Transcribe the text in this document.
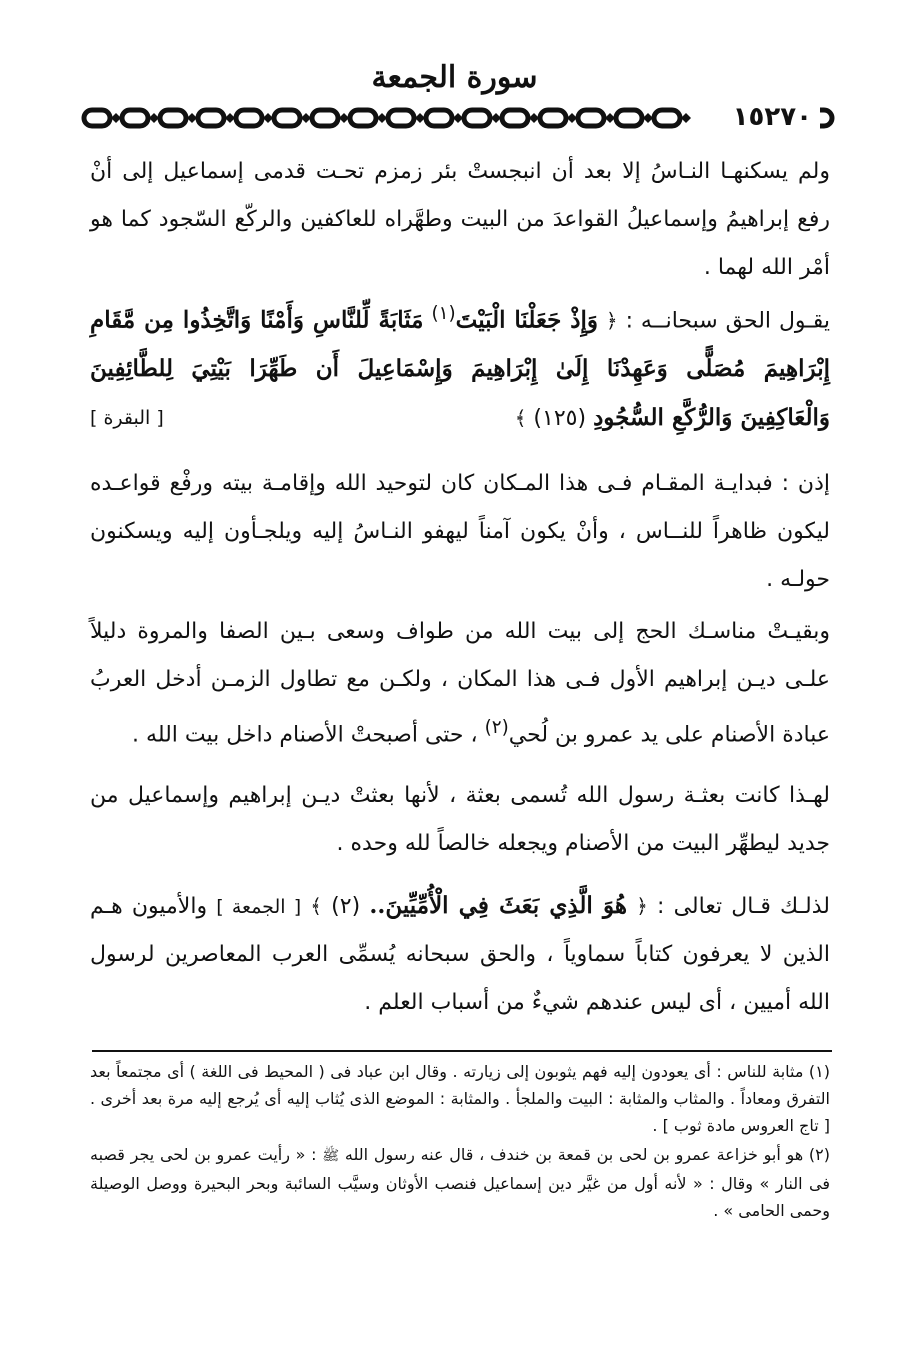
سورة الجمعة
١٥٢٧٠
ولم يسكنهـا النـاسُ إلا بعد أن انبجستْ بئر زمزم تحـت قدمى إسماعيل إلى أنْ رفع إبراهيمُ وإسماعيلُ القواعدَ من البيت وطهَّراه للعاكفين والركّع السّجود كما هو أمْر الله لهما .
يقـول الحق سبحانــه : ﴿ وَإِذْ جَعَلْنَا الْبَيْتَ$^{(١)}$ مَثَابَةً لِّلنَّاسِ وَأَمْنًا وَاتَّخِذُوا مِن مَّقَامِ إِبْرَاهِيمَ مُصَلًّى وَعَهِدْنَا إِلَىٰ إِبْرَاهِيمَ وَإِسْمَاعِيلَ أَن طَهِّرَا بَيْتِيَ لِلطَّائِفِينَ وَالْعَاكِفِينَ وَالرُّكَّعِ السُّجُودِ (١٢٥) ﴾
[ البقرة ]
إذن : فبدايـة المقـام فـى هذا المـكان كان لتوحيد الله وإقامـة بيته ورفْع قواعـده ليكون ظاهراً للنــاس ، وأنْ يكون آمناً ليهفو النـاسُ إليه ويلجـأون إليه ويسكنون حولـه .
وبقيـتْ مناسـك الحج إلى بيت الله من طواف وسعى بـين الصفا والمروة دليلاً علـى ديـن إبراهيم الأول فـى هذا المكان ، ولكـن مع تطاول الزمـن أدخل العربُ عبادة الأصنام على يد عمرو بن لُحي$^{(٢)}$ ، حتى أصبحتْ الأصنام داخل بيت الله .
لهـذا كانت بعثـة رسول الله تُسمى بعثة ، لأنها بعثتْ ديـن إبراهيم وإسماعيل من جديد ليطهِّر البيت من الأصنام ويجعله خالصاً لله وحده .
لذلـك قـال تعالى : ﴿ هُوَ الَّذِي بَعَثَ فِي الْأُمِّيِّينَ.. (٢) ﴾ [ الجمعة ] والأميون هـم الذين لا يعرفون كتاباً سماوياً ، والحق سبحانه يُسمِّى العرب المعاصرين لرسول الله أميين ، أى ليس عندهم شيءٌ من أسباب العلم .
(١) مثابة للناس : أى يعودون إليه فهم يثوبون إلى زيارته . وقال ابن عباد فى ( المحيط فى اللغة ) أى مجتمعاً بعد التفرق ومعاداً . والمثاب والمثابة : البيت والملجأ . والمثابة : الموضع الذى يُثاب إليه أى يُرجع إليه مرة بعد أخرى . [ تاج العروس مادة ثوب ] .
(٢) هو أبو خزاعة عمرو بن لحى بن قمعة بن خندف ، قال عنه رسول الله ﷺ : « رأيت عمرو بن لحى يجر قصبه فى النار » وقال : « لأنه أول من غيَّر دين إسماعيل فنصب الأوثان وسيَّب السائبة وبحر البحيرة ووصل الوصيلة وحمى الحامى » .
